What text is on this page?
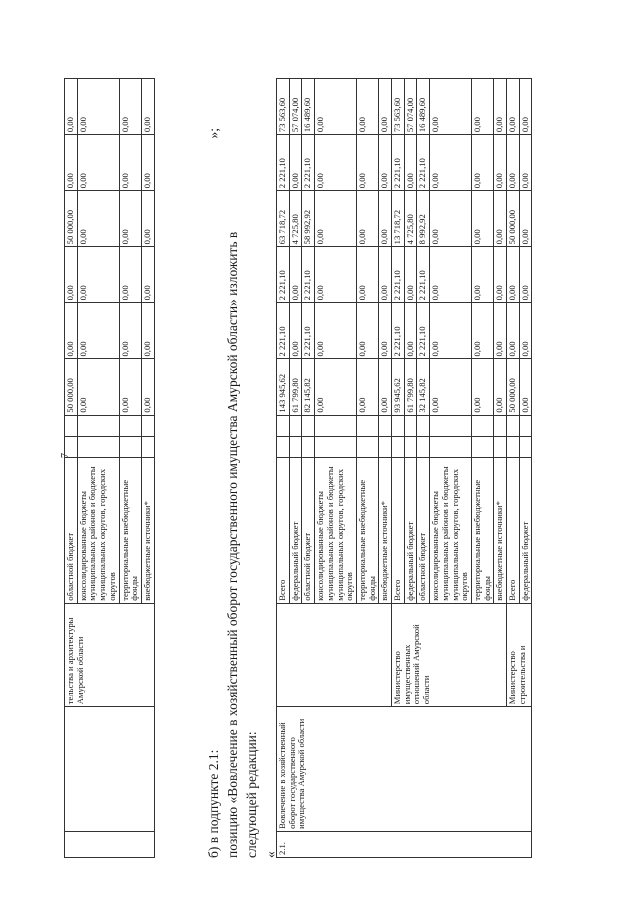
7
		тельства и архитектуры Амурской области	областной бюджет			50 000,00	0,00	0,00	50 000,00	0,00	0,00
			консолидированные бюджеты муниципальных районов и бюджеты муниципальных округов, городских округов			0,00	0,00	0,00	0,00	0,00	0,00
			территориальные внебюджетные фонды			0,00	0,00	0,00	0,00	0,00	0,00
			внебюджетные источники*			0,00	0,00	0,00	0,00	0,00	0,00
б) в подпункте 2.1:
»;
позицию «Вовлечение в хозяйственный оборот государственного имущества Амурской области» изложить в следующей редакции: « 2.1.	Вовлечение в хозяйственный оборот государственного имущества Амурской области		Всего			143 945,62	2 221,10	2 221,10	63 718,72	2 221,10	73 563,60
			федеральный бюджет			61 799,80	0,00	0,00	4 725,80	0,00	57 074,00
			областной бюджет			82 145,82	2 221,10	2 221,10	58 992,92	2 221,10	16 489,60
			консолидированные бюджеты муниципальных районов и бюджеты муниципальных округов, городских округов			0,00	0,00	0,00	0,00	0,00	0,00
			территориальные внебюджетные фонды			0,00	0,00	0,00	0,00	0,00	0,00
			внебюджетные источники*			0,00	0,00	0,00	0,00	0,00	0,00
		Министерство имущественных отношений Амурской области	Всего			93 945,62	2 221,10	2 221,10	13 718,72	2 221,10	73 563,60
			федеральный бюджет			61 799,80	0,00	0,00	4 725,80	0,00	57 074,00
			областной бюджет			32 145,82	2 221,10	2 221,10	8 992,92	2 221,10	16 489,60
			консолидированные бюджеты муниципальных районов и бюджеты муниципальных округов, городских округов			0,00	0,00	0,00	0,00	0,00	0,00
			территориальные внебюджетные фонды			0,00	0,00	0,00	0,00	0,00	0,00
			внебюджетные источники*			0,00	0,00	0,00	0,00	0,00	0,00
		Министерство строительства и	Всего			50 000,00	0,00	0,00	50 000,00	0,00	0,00
			федеральный бюджет			0,00	0,00	0,00	0,00	0,00	0,00
